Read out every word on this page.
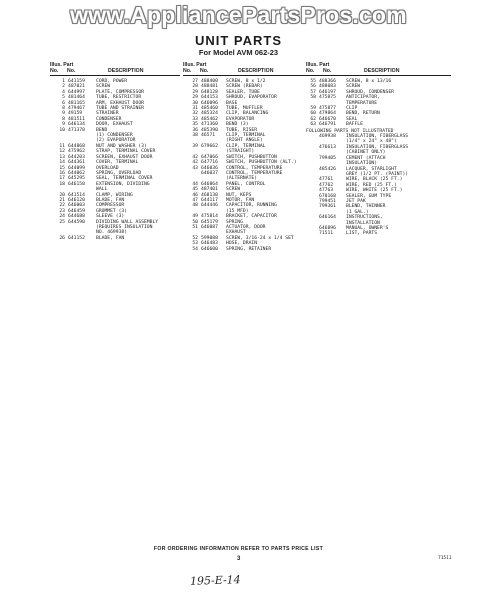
www.AppliancePartsPros.com
UNIT PARTS
For Model AVM 062-23
Illus. Part
No. No.	DESCRIPTION
1 641159	CORD, POWER
2 487021	SCREW
4 644997	PLATE, COMPRESSOR
5 481464	TUBE, RESTRICTOR
6 481165	ARM, EXHAUST DOOR
8 479467	TUBE AND STRAINER
9 49159	STRAINER
8 481511	CONDENSER
9 646134	DOOR, EXHAUST
10 471370	BEND
(1) CONDENSER
(2) EVAPORATOR
11 644868	NUT AND WASHER (3)
12 475962	STRAP, TERMINAL COVER
13 644203	SCREEN, EXHAUST DOOR
14 644361	COVER, TERMINAL
15 644099	OVERLOAD
16 644062	SPRING, OVERLOAD
17 645295	SEAL, TERMINAL COVER
18 646150	EXTENSION, DIVIDING
WALL
20 641514	CLAMP, WIRING
21 646120	BLADE, FAN
22 646003	COMPRESSOR
23 646459	GROMMET (3)
24 644688	SLEEVE (3)
25 644590	DIVIDING WALL ASSEMBLY
(REQUIRES INSULATION
NO. 469938)
26 641152	BLADE, FAN
Illus. Part
No. No.	DESCRIPTION
27 488400	SCREW, 8 x 1/2
28 488481	SCREW (REBAR)
29 648128	SEALER, TUBE
29 644153	SHROUD, EVAPORATOR
30 646096	BASE
31 485460	TUBE, MUFFLER
32 485324	CLIP, BALANCING
33 485462	EVAPORATOR
35 471360	BEND (3)
36 485390	TUBE, RISER
38 46571	CLIP, TERMINAL
(RIGHT ANGLE)
39 679662	CLIP, TERMINAL
(STRAIGHT)
42 647066	SWITCH, PUSHBUTTON
42 647716	SWITCH, PUSHBUTTON (ALT.)
43 646036	CONTROL, TEMPERATURE
646037	CONTROL, TEMPERATURE
(ALTERNATE)
44 646864	PANEL, CONTROL
45 487401	SCREW
46 468130	NUT, KEPS
47 644117	MOTOR, FAN
48 644446	CAPACITOR, RUNNING
(15 MFD)
49 475814	BRACKET, CAPACITOR
50 645179	SPRING
51 646087	ACTUATOR, DOOR
EXHAUST
52 599088	SCREW, 3/16-24 x 1/4 SET
53 646483	HOSE, DRAIN
54 646600	SPRING, RETAINER
Illus. Part
No. No.	DESCRIPTION
55 488366	SCREW, 8 x 13/16
56 488083	SCREW
57 646197	SHROUD, CONDENSER
58 475875	ANTICIPATOR,
TEMPERATURE
59 475877	CLIP
60 479864	BEND, RETURN
62 646670	SEAL
63 646791	BAFFLE
FOLLOWING PARTS NOT ILLUSTRATED
469938	INSULATION, FIBERGLASS
(1/4" x 24" x 48")
476613	INSULATION, FIBERGLASS
(CABINET ONLY)
799405	CEMENT (ATTACH
INSULATION)
485426	LACQUER, STARLIGHT
GREY (1/2 PT. (PAINT))
47761	WIRE, BLACK (25 FT.)
47762	WIRE, RED (25 FT.)
47763	WIRE, WHITE (25 FT.)
670168	SEALER, GUM TYPE
799451	JET PAK
799361	BLEND, THINNER
(1 GAL.)
646164	INSTRUCTIONS,
INSTALLATION
646896	MANUAL, OWNER'S
71511	LIST, PARTS
FOR ORDERING INFORMATION REFER TO PARTS PRICE LIST
3	71511
195-E-14
